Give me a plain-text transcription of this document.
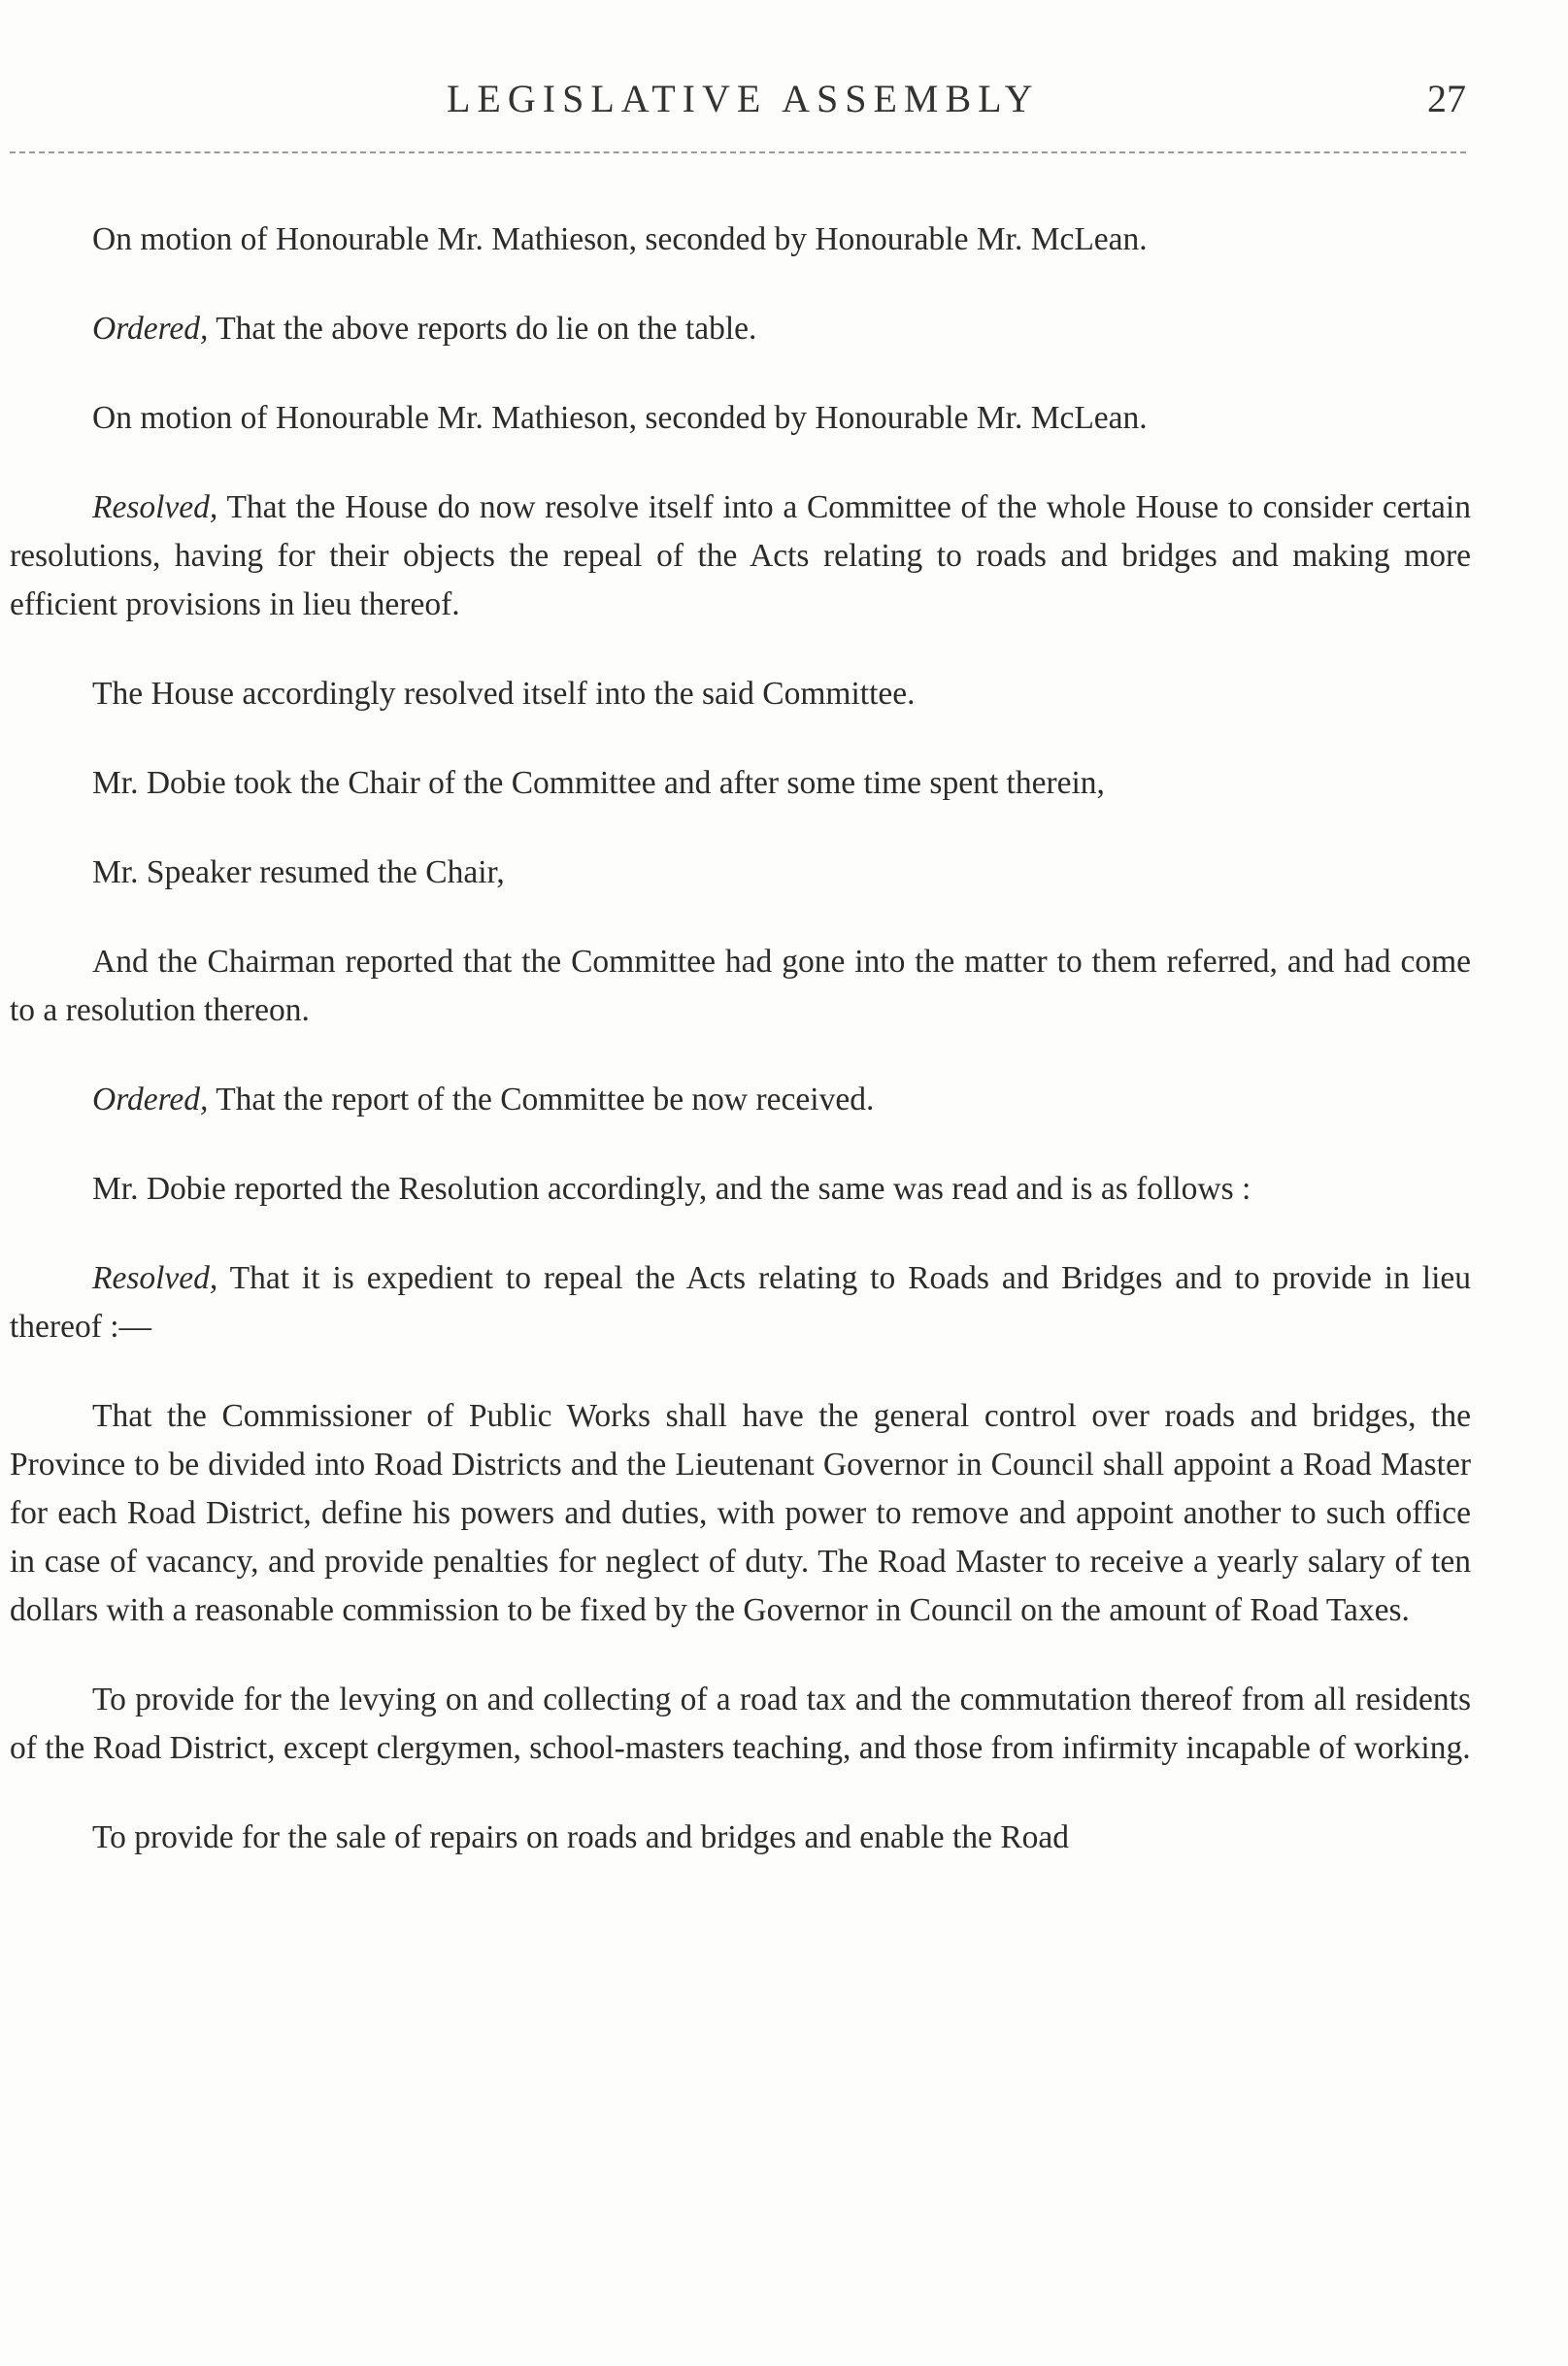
LEGISLATIVE ASSEMBLY	27

On motion of Honourable Mr. Mathieson, seconded by Honourable Mr. McLean.

Ordered, That the above reports do lie on the table.

On motion of Honourable Mr. Mathieson, seconded by Honourable Mr. McLean.

Resolved, That the House do now resolve itself into a Committee of the whole House to consider certain resolutions, having for their objects the repeal of the Acts relating to roads and bridges and making more efficient provisions in lieu thereof.

The House accordingly resolved itself into the said Committee.

Mr. Dobie took the Chair of the Committee and after some time spent therein,

Mr. Speaker resumed the Chair,

And the Chairman reported that the Committee had gone into the matter to them referred, and had come to a resolution thereon.

Ordered, That the report of the Committee be now received.

Mr. Dobie reported the Resolution accordingly, and the same was read and is as follows :

Resolved, That it is expedient to repeal the Acts relating to Roads and Bridges and to provide in lieu thereof :—

That the Commissioner of Public Works shall have the general control over roads and bridges, the Province to be divided into Road Districts and the Lieutenant Governor in Council shall appoint a Road Master for each Road District, define his powers and duties, with power to remove and appoint another to such office in case of vacancy, and provide penalties for neglect of duty. The Road Master to receive a yearly salary of ten dollars with a reasonable commission to be fixed by the Governor in Council on the amount of Road Taxes.

To provide for the levying on and collecting of a road tax and the commutation thereof from all residents of the Road District, except clergymen, school-masters teaching, and those from infirmity incapable of working.

To provide for the sale of repairs on roads and bridges and enable the Road
